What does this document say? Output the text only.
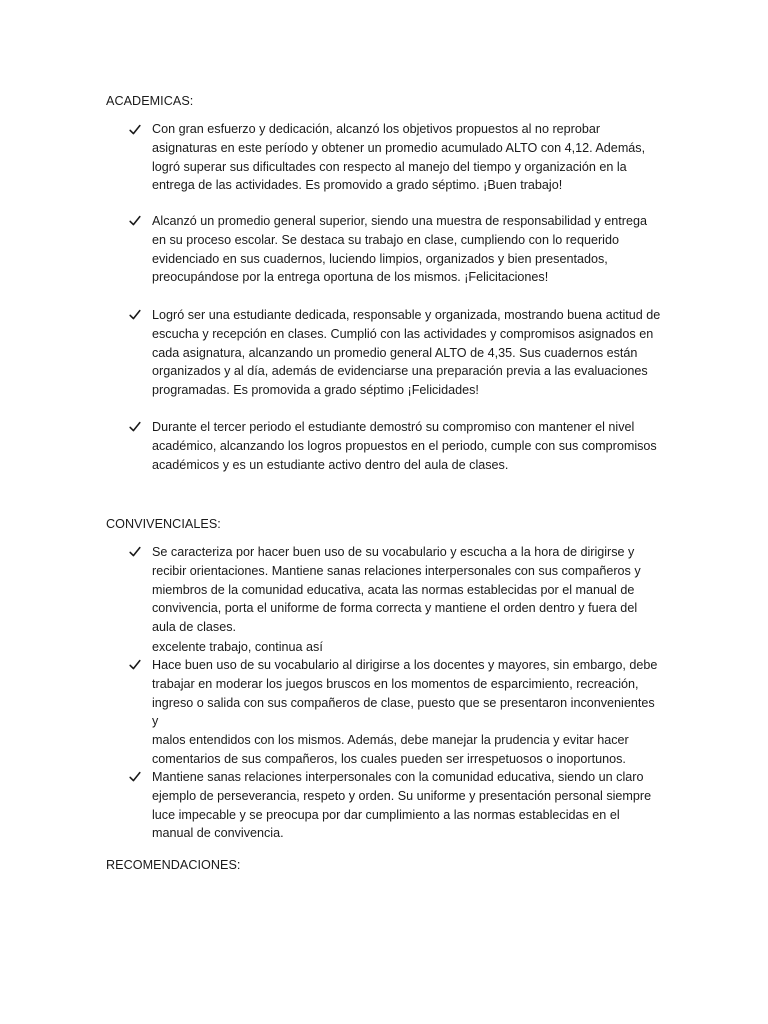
ACADEMICAS:
Con gran esfuerzo y dedicación, alcanzó los objetivos propuestos al no reprobar
asignaturas en este período y obtener un promedio acumulado ALTO con 4,12. Además,
logró superar sus dificultades con respecto al manejo del tiempo y organización en la
entrega de las actividades. Es promovido a grado séptimo. ¡Buen trabajo!
Alcanzó un promedio general superior, siendo una muestra de responsabilidad y entrega
en su proceso escolar. Se destaca su trabajo en clase, cumpliendo con lo requerido
evidenciado en sus cuadernos, luciendo limpios, organizados y bien presentados,
preocupándose por la entrega oportuna de los mismos. ¡Felicitaciones!
Logró ser una estudiante dedicada, responsable y organizada, mostrando buena actitud de
escucha y recepción en clases. Cumplió con las actividades y compromisos asignados en
cada asignatura, alcanzando un promedio general ALTO de 4,35. Sus cuadernos están
organizados y al día, además de evidenciarse una preparación previa a las evaluaciones
programadas. Es promovida a grado séptimo ¡Felicidades!
Durante el tercer periodo el estudiante demostró su compromiso con mantener el nivel
académico, alcanzando los logros propuestos en el periodo, cumple con sus compromisos
académicos y es un estudiante activo dentro del aula de clases.
CONVIVENCIALES:
Se caracteriza por hacer buen uso de su vocabulario y escucha a la hora de dirigirse y
recibir orientaciones. Mantiene sanas relaciones interpersonales con sus compañeros y
miembros de la comunidad educativa, acata las normas establecidas por el manual de
convivencia, porta el uniforme de forma correcta y mantiene el orden dentro y fuera del
aula de clases.
excelente trabajo, continua así
Hace buen uso de su vocabulario al dirigirse a los docentes y mayores, sin embargo, debe
trabajar en moderar los juegos bruscos en los momentos de esparcimiento, recreación,
ingreso o salida con sus compañeros de clase, puesto que se presentaron inconvenientes y
malos entendidos con los mismos. Además, debe manejar la prudencia y evitar hacer
comentarios de sus compañeros, los cuales pueden ser irrespetuosos o inoportunos.
Mantiene sanas relaciones interpersonales con la comunidad educativa, siendo un claro
ejemplo de perseverancia, respeto y orden. Su uniforme y presentación personal siempre
luce impecable y se preocupa por dar cumplimiento a las normas establecidas en el
manual de convivencia.
RECOMENDACIONES:
